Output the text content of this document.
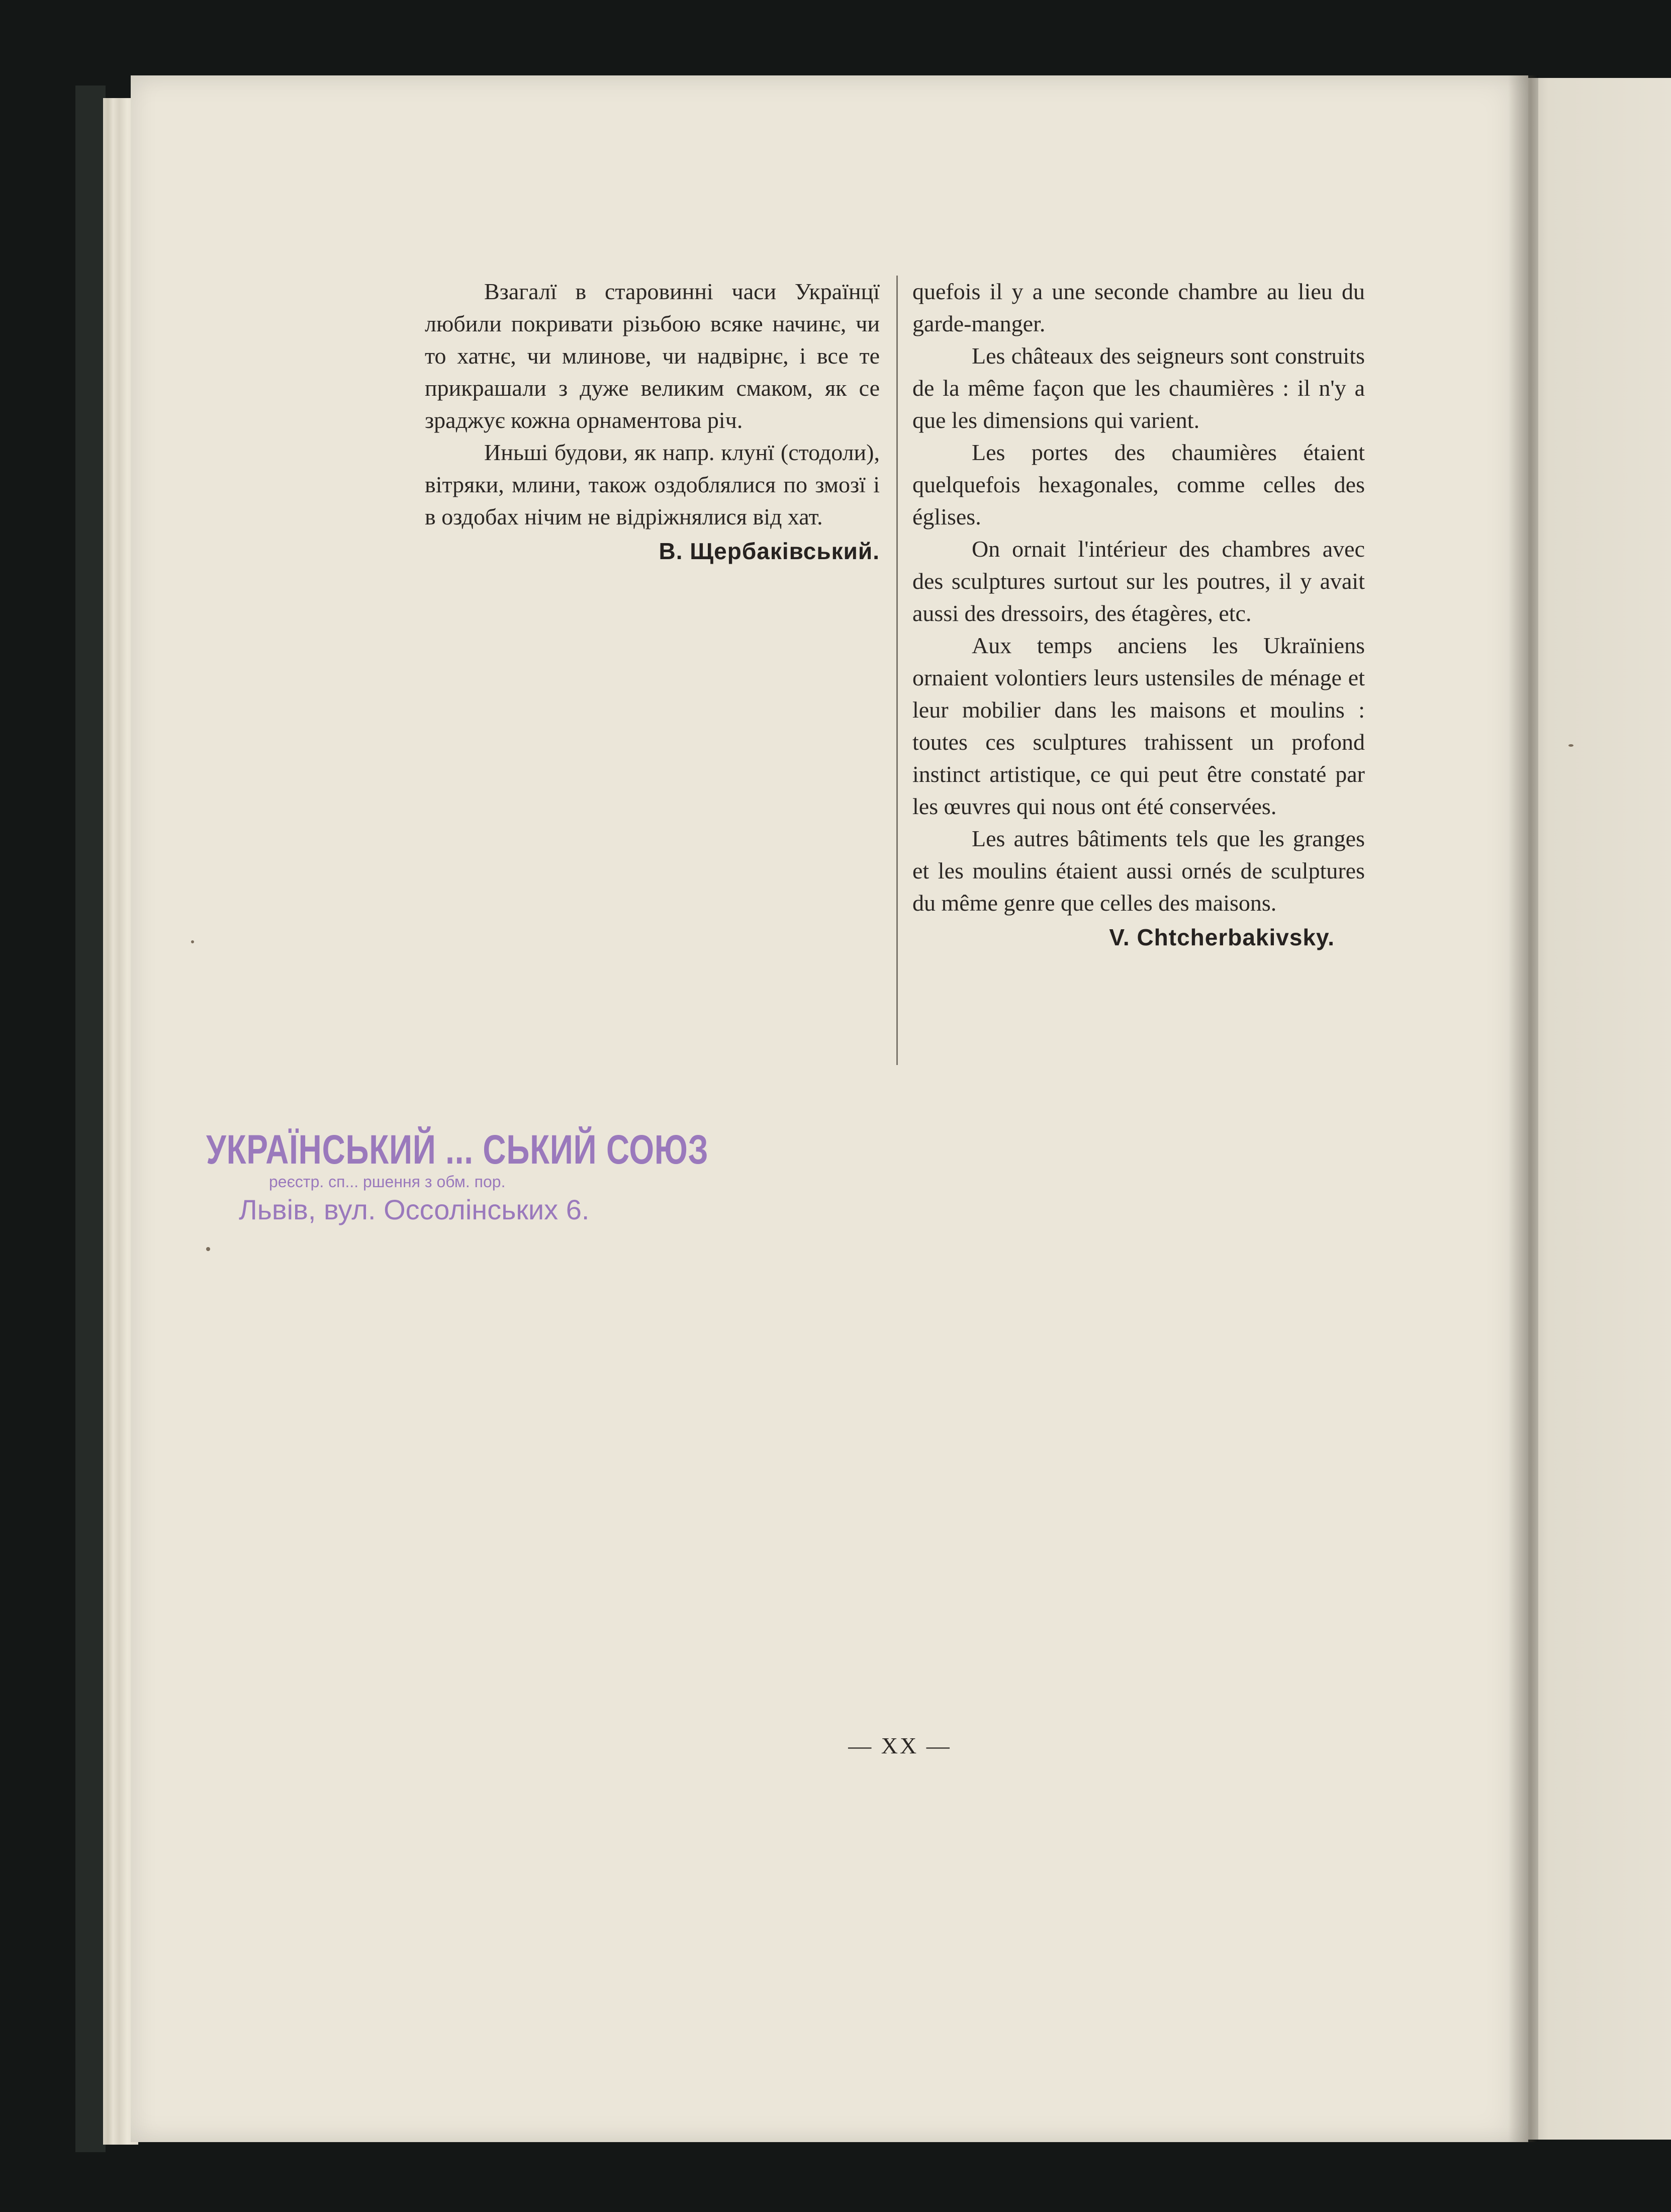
Взагалї в старовинні часи Українцї любили покривати різьбою всяке начинє, чи то хатнє, чи млинове, чи надвірнє, і все те прикрашали з дуже великим смаком, як се зраджує кожна орнаментова річ.

Иньші будови, як напр. клунї (стодоли), вітряки, млини, також оздоблялися по змозї і в оздобах нічим не відріжнялися від хат.

В. Щербаківський.

quefois il y a une seconde chambre au lieu du garde-manger.

Les châteaux des seigneurs sont construits de la même façon que les chaumières : il n'y a que les dimensions qui varient.

Les portes des chaumières étaient quelquefois hexagonales, comme celles des églises.

On ornait l'intérieur des chambres avec des sculptures surtout sur les poutres, il y avait aussi des dressoirs, des étagères, etc.

Aux temps anciens les Ukraïniens ornaient volontiers leurs ustensiles de ménage et leur mobilier dans les maisons et moulins : toutes ces sculptures trahissent un profond instinct artistique, ce qui peut être constaté par les œuvres qui nous ont été conservées.

Les autres bâtiments tels que les granges et les moulins étaient aussi ornés de sculptures du même genre que celles des maisons.

V. Chtcherbakivsky.
УКРАЇНСЬКИЙ ... СЬКИЙ СОЮЗ
реєстр. сп... ршення з обм. пор.
Львів, вул. Оссолінських 6.
— XX —
